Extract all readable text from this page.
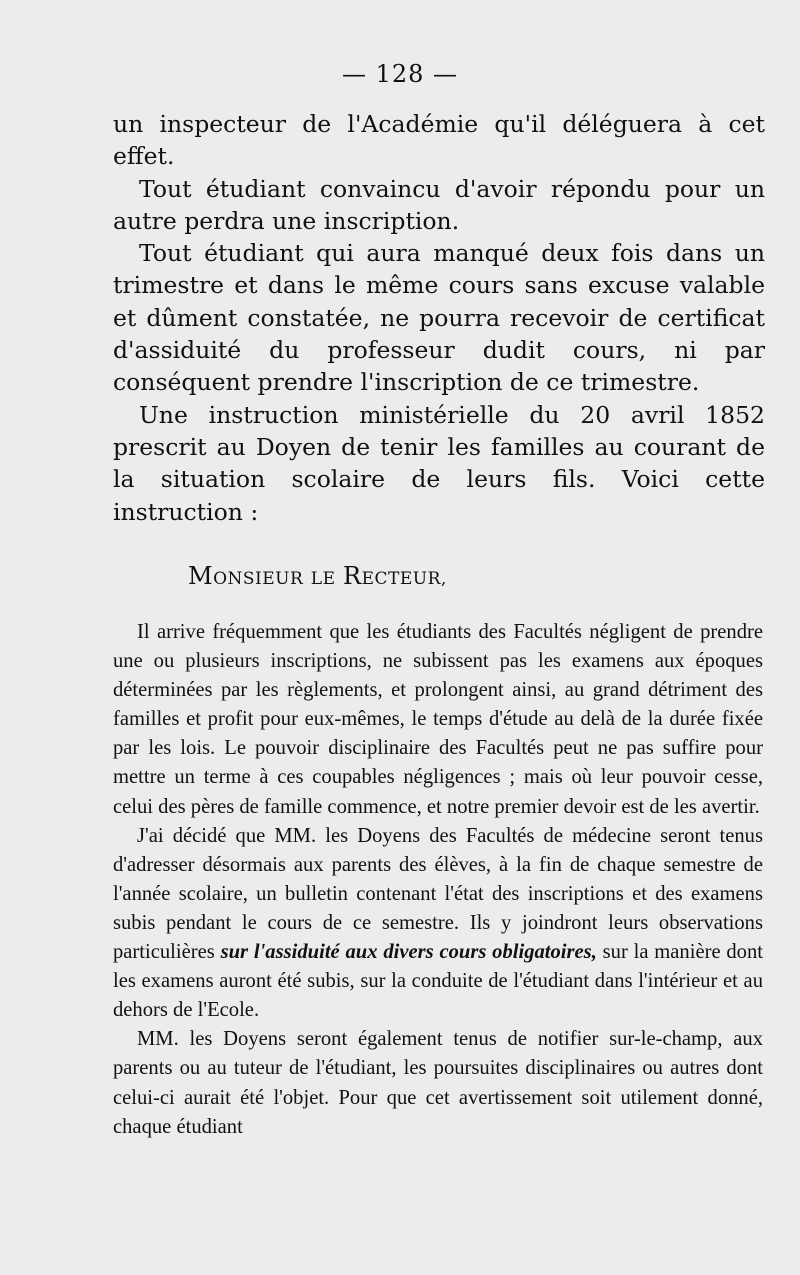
— 128 —

un inspecteur de l'Académie qu'il déléguera à cet effet.

Tout étudiant convaincu d'avoir répondu pour un autre perdra une inscription.

Tout étudiant qui aura manqué deux fois dans un trimestre et dans le même cours sans excuse valable et dûment constatée, ne pourra recevoir de certificat d'assiduité du professeur dudit cours, ni par conséquent prendre l'inscription de ce trimestre.

Une instruction ministérielle du 20 avril 1852 prescrit au Doyen de tenir les familles au courant de la situation scolaire de leurs fils. Voici cette instruction :

MONSIEUR LE RECTEUR,

Il arrive fréquemment que les étudiants des Facultés négligent de prendre une ou plusieurs inscriptions, ne subissent pas les examens aux époques déterminées par les règlements, et prolongent ainsi, au grand détriment des familles et profit pour eux-mêmes, le temps d'étude au delà de la durée fixée par les lois. Le pouvoir disciplinaire des Facultés peut ne pas suffire pour mettre un terme à ces coupables négligences ; mais où leur pouvoir cesse, celui des pères de famille commence, et notre premier devoir est de les avertir.

J'ai décidé que MM. les Doyens des Facultés de médecine seront tenus d'adresser désormais aux parents des élèves, à la fin de chaque semestre de l'année scolaire, un bulletin contenant l'état des inscriptions et des examens subis pendant le cours de ce semestre. Ils y joindront leurs observations particulières sur l'assiduité aux divers cours obligatoires, sur la manière dont les examens auront été subis, sur la conduite de l'étudiant dans l'intérieur et au dehors de l'Ecole.

MM. les Doyens seront également tenus de notifier sur-le-champ, aux parents ou au tuteur de l'étudiant, les poursuites disciplinaires ou autres dont celui-ci aurait été l'objet. Pour que cet avertissement soit utilement donné, chaque étudiant
